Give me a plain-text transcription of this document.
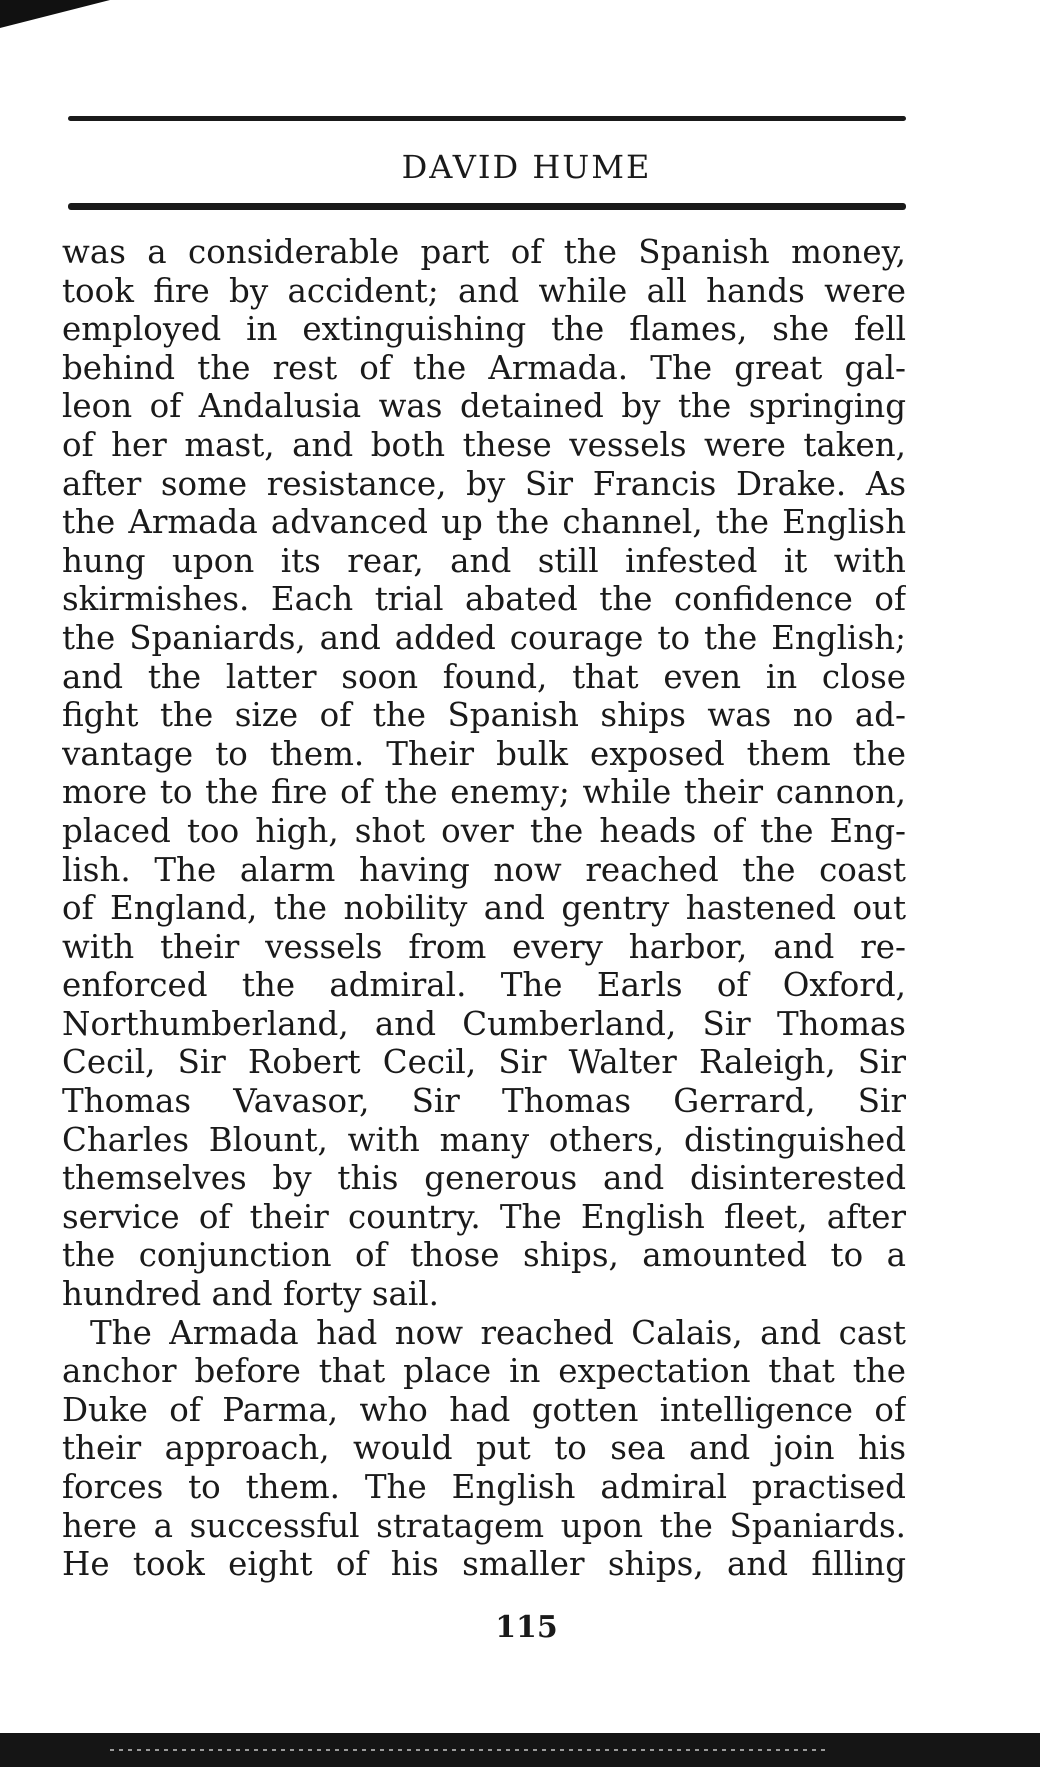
DAVID HUME
was a considerable part of the Spanish money,
took fire by accident; and while all hands were
employed in extinguishing the flames, she fell
behind the rest of the Armada. The great gal-
leon of Andalusia was detained by the springing
of her mast, and both these vessels were taken,
after some resistance, by Sir Francis Drake. As
the Armada advanced up the channel, the English
hung upon its rear, and still infested it with
skirmishes. Each trial abated the confidence of
the Spaniards, and added courage to the English;
and the latter soon found, that even in close
fight the size of the Spanish ships was no ad-
vantage to them. Their bulk exposed them the
more to the fire of the enemy; while their cannon,
placed too high, shot over the heads of the Eng-
lish. The alarm having now reached the coast
of England, the nobility and gentry hastened out
with their vessels from every harbor, and re-
enforced the admiral. The Earls of Oxford,
Northumberland, and Cumberland, Sir Thomas
Cecil, Sir Robert Cecil, Sir Walter Raleigh, Sir
Thomas Vavasor, Sir Thomas Gerrard, Sir
Charles Blount, with many others, distinguished
themselves by this generous and disinterested
service of their country. The English fleet, after
the conjunction of those ships, amounted to a
hundred and forty sail.
The Armada had now reached Calais, and cast
anchor before that place in expectation that the
Duke of Parma, who had gotten intelligence of
their approach, would put to sea and join his
forces to them. The English admiral practised
here a successful stratagem upon the Spaniards.
He took eight of his smaller ships, and filling
115
